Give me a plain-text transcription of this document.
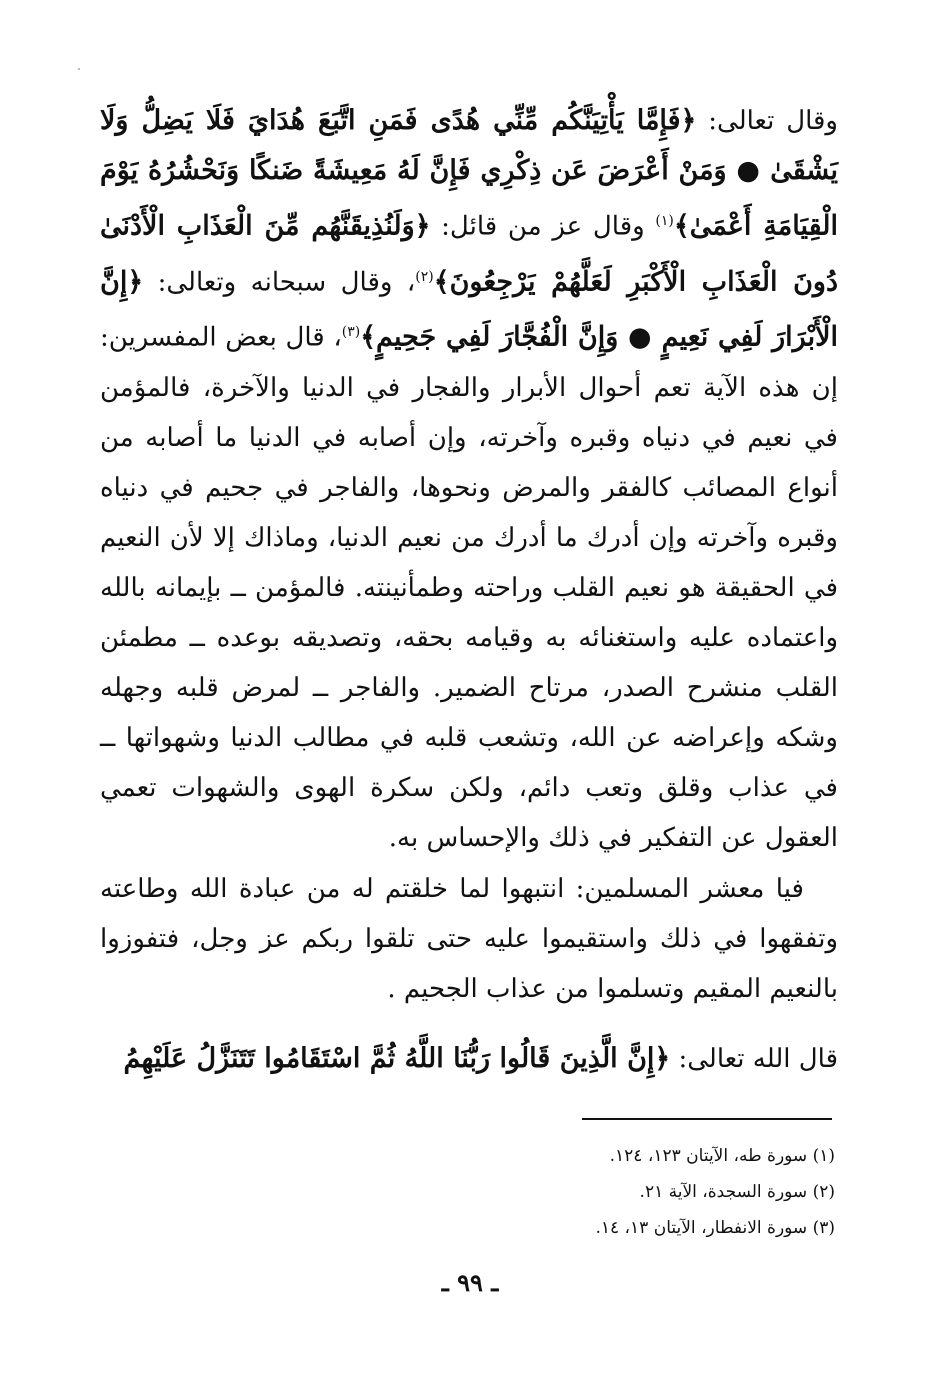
وقال تعالى: ﴿فَإِمَّا يَأْتِيَنَّكُم مِّنِّي هُدًى فَمَنِ اتَّبَعَ هُدَايَ فَلَا يَضِلُّ وَلَا يَشْقَىٰ ● وَمَنْ أَعْرَضَ عَن ذِكْرِي فَإِنَّ لَهُ مَعِيشَةً ضَنكًا وَنَحْشُرُهُ يَوْمَ الْقِيَامَةِ أَعْمَىٰ﴾$^{(١)}$ وقال عز من قائل: ﴿وَلَنُذِيقَنَّهُم مِّنَ الْعَذَابِ الْأَدْنَىٰ دُونَ الْعَذَابِ الْأَكْبَرِ لَعَلَّهُمْ يَرْجِعُونَ﴾$^{(٢)}$، وقال سبحانه وتعالى: ﴿إِنَّ الْأَبْرَارَ لَفِي نَعِيمٍ ● وَإِنَّ الْفُجَّارَ لَفِي جَحِيمٍ﴾$^{(٣)}$، قال بعض المفسرين: إن هذه الآية تعم أحوال الأبرار والفجار في الدنيا والآخرة، فالمؤمن في نعيم في دنياه وقبره وآخرته، وإن أصابه في الدنيا ما أصابه من أنواع المصائب كالفقر والمرض ونحوها، والفاجر في جحيم في دنياه وقبره وآخرته وإن أدرك ما أدرك من نعيم الدنيا، وماذاك إلا لأن النعيم في الحقيقة هو نعيم القلب وراحته وطمأنينته. فالمؤمن ــ بإيمانه بالله واعتماده عليه واستغنائه به وقيامه بحقه، وتصديقه بوعده ــ مطمئن القلب منشرح الصدر، مرتاح الضمير. والفاجر ــ لمرض قلبه وجهله وشكه وإعراضه عن الله، وتشعب قلبه في مطالب الدنيا وشهواتها ــ في عذاب وقلق وتعب دائم، ولكن سكرة الهوى والشهوات تعمي العقول عن التفكير في ذلك والإحساس به.
فيا معشر المسلمين: انتبهوا لما خلقتم له من عبادة الله وطاعته وتفقهوا في ذلك واستقيموا عليه حتى تلقوا ربكم عز وجل، فتفوزوا بالنعيم المقيم وتسلموا من عذاب الجحيم .
قال الله تعالى: ﴿إِنَّ الَّذِينَ قَالُوا رَبُّنَا اللَّهُ ثُمَّ اسْتَقَامُوا تَتَنَزَّلُ عَلَيْهِمُ
(١) سورة طه، الآيتان ١٢٣، ١٢٤.
(٢) سورة السجدة، الآية ٢١.
(٣) سورة الانفطار، الآيتان ١٣، ١٤.
ـ ٩٩ ـ
